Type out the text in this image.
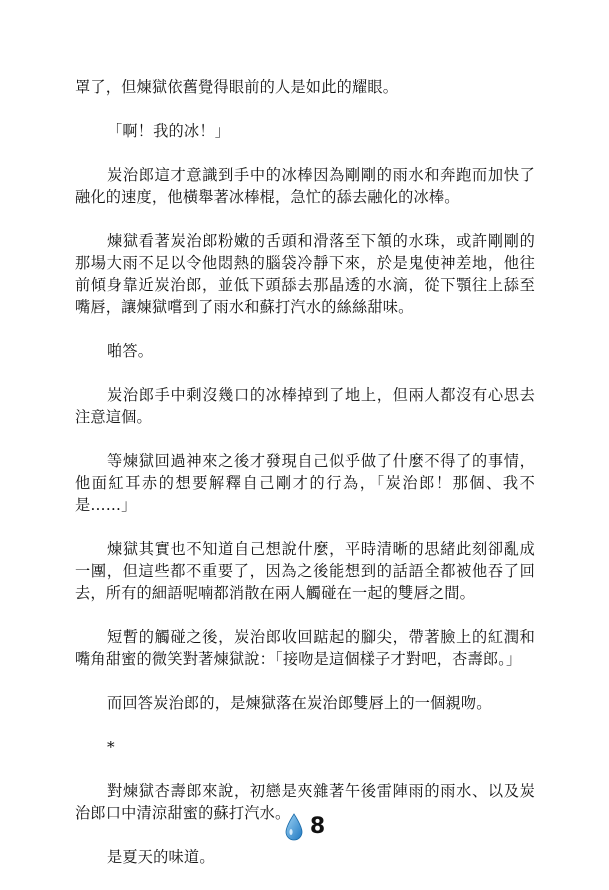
罩了，但煉獄依舊覺得眼前的人是如此的耀眼。

「啊！我的冰！」

炭治郎這才意識到手中的冰棒因為剛剛的雨水和奔跑而加快了融化的速度，他橫舉著冰棒棍，急忙的舔去融化的冰棒。

煉獄看著炭治郎粉嫩的舌頭和滑落至下頷的水珠，或許剛剛的那場大雨不足以令他悶熱的腦袋冷靜下來，於是鬼使神差地，他往前傾身靠近炭治郎，並低下頭舔去那晶透的水滴，從下顎往上舔至嘴唇，讓煉獄嚐到了雨水和蘇打汽水的絲絲甜味。

啪答。

炭治郎手中剩沒幾口的冰棒掉到了地上，但兩人都沒有心思去注意這個。

等煉獄回過神來之後才發現自己似乎做了什麼不得了的事情，他面紅耳赤的想要解釋自己剛才的行為，「炭治郎！那個、我不是……」

煉獄其實也不知道自己想說什麼，平時清晰的思緒此刻卻亂成一團，但這些都不重要了，因為之後能想到的話語全都被他吞了回去，所有的細語呢喃都消散在兩人觸碰在一起的雙唇之間。

短暫的觸碰之後，炭治郎收回踮起的腳尖，帶著臉上的紅潤和嘴角甜蜜的微笑對著煉獄說：「接吻是這個樣子才對吧，杏壽郎。」

而回答炭治郎的，是煉獄落在炭治郎雙唇上的一個親吻。

*

對煉獄杏壽郎來說，初戀是夾雜著午後雷陣雨的雨水、以及炭治郎口中清涼甜蜜的蘇打汽水。

是夏天的味道。

8
